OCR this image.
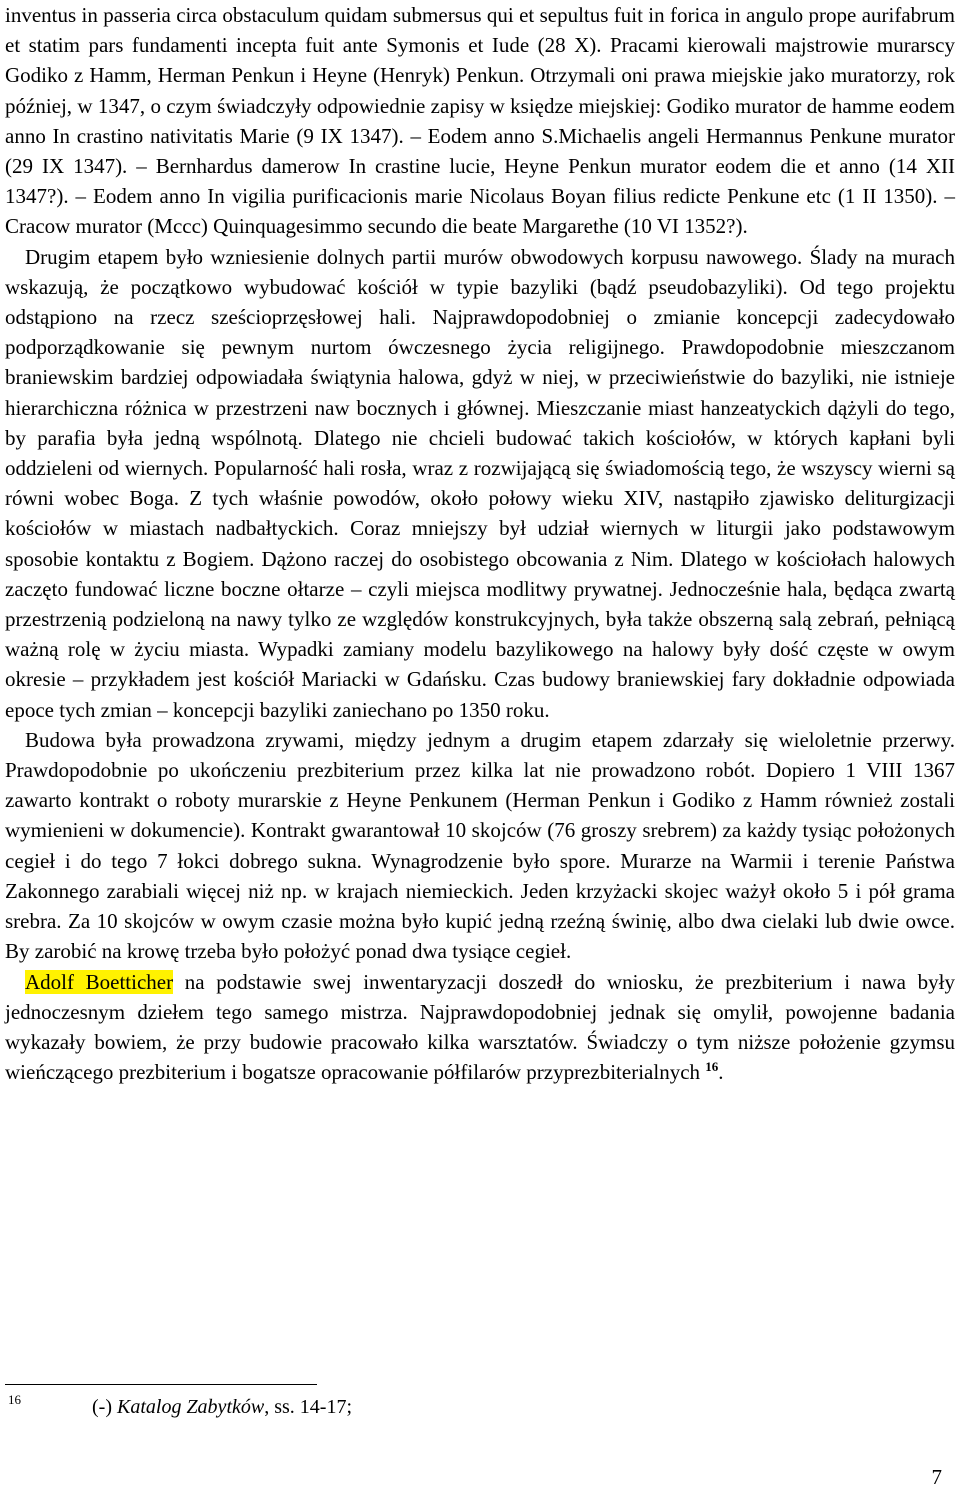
inventus in passeria circa obstaculum quidam submersus qui et sepultus fuit in forica in angulo prope aurifabrum et statim pars fundamenti incepta fuit ante Symonis et Iude (28 X). Pracami kierowali majstrowie murarscy Godiko z Hamm, Herman Penkun i Heyne (Henryk) Penkun. Otrzymali oni prawa miejskie jako muratorzy, rok później, w 1347, o czym świadczyły odpowiednie zapisy w księdze miejskiej: Godiko murator de hamme eodem anno In crastino nativitatis Marie (9 IX 1347). – Eodem anno S.Michaelis angeli Hermannus Penkune murator (29 IX 1347). – Bernhardus damerow In crastine lucie, Heyne Penkun murator eodem die et anno (14 XII 1347?). – Eodem anno In vigilia purificacionis marie Nicolaus Boyan filius redicte Penkune etc (1 II 1350). – Cracow murator (Mccc) Quinquagesimmo secundo die beate Margarethe (10 VI 1352?).

Drugim etapem było wzniesienie dolnych partii murów obwodowych korpusu nawowego. Ślady na murach wskazują, że początkowo wybudować kościół w typie bazyliki (bądź pseudobazyliki). Od tego projektu odstąpiono na rzecz sześcioprzęsłowej hali. Najprawdopodobniej o zmianie koncepcji zadecydowało podporządkowanie się pewnym nurtom ówczesnego życia religijnego. Prawdopodobnie mieszczanom braniewskim bardziej odpowiadała świątynia halowa, gdyż w niej, w przeciwieństwie do bazyliki, nie istnieje hierarchiczna różnica w przestrzeni naw bocznych i głównej. Mieszczanie miast hanzeatyckich dążyli do tego, by parafia była jedną wspólnotą. Dlatego nie chcieli budować takich kościołów, w których kapłani byli oddzieleni od wiernych. Popularność hali rosła, wraz z rozwijającą się świadomością tego, że wszyscy wierni są równi wobec Boga. Z tych właśnie powodów, około połowy wieku XIV, nastąpiło zjawisko deliturgizacji kościołów w miastach nadbałtyckich. Coraz mniejszy był udział wiernych w liturgii jako podstawowym sposobie kontaktu z Bogiem. Dążono raczej do osobistego obcowania z Nim. Dlatego w kościołach halowych zaczęto fundować liczne boczne ołtarze – czyli miejsca modlitwy prywatnej. Jednocześnie hala, będąca zwartą przestrzenią podzieloną na nawy tylko ze względów konstrukcyjnych, była także obszerną salą zebrań, pełniącą ważną rolę w życiu miasta. Wypadki zamiany modelu bazylikowego na halowy były dość częste w owym okresie – przykładem jest kościół Mariacki w Gdańsku. Czas budowy braniewskiej fary dokładnie odpowiada epoce tych zmian – koncepcji bazyliki zaniechano po 1350 roku.

Budowa była prowadzona zrywami, między jednym a drugim etapem zdarzały się wieloletnie przerwy. Prawdopodobnie po ukończeniu prezbiterium przez kilka lat nie prowadzono robót. Dopiero 1 VIII 1367 zawarto kontrakt o roboty murarskie z Heyne Penkunem (Herman Penkun i Godiko z Hamm również zostali wymienieni w dokumencie). Kontrakt gwarantował 10 skojców (76 groszy srebrem) za każdy tysiąc położonych cegieł i do tego 7 łokci dobrego sukna. Wynagrodzenie było spore. Murarze na Warmii i terenie Państwa Zakonnego zarabiali więcej niż np. w krajach niemieckich. Jeden krzyżacki skojec ważył około 5 i pół grama srebra. Za 10 skojców w owym czasie można było kupić jedną rzeźną świnię, albo dwa cielaki lub dwie owce. By zarobić na krowę trzeba było położyć ponad dwa tysiące cegieł.

Adolf Boetticher na podstawie swej inwentaryzacji doszedł do wniosku, że prezbiterium i nawa były jednoczesnym dziełem tego samego mistrza. Najprawdopodobniej jednak się omylił, powojenne badania wykazały bowiem, że przy budowie pracowało kilka warsztatów. Świadczy o tym niższe położenie gzymsu wieńczącego prezbiterium i bogatsze opracowanie półfilarów przyprezbiterialnych $^{16}$.

16	(-) Katalog Zabytków, ss. 14-17;
7
